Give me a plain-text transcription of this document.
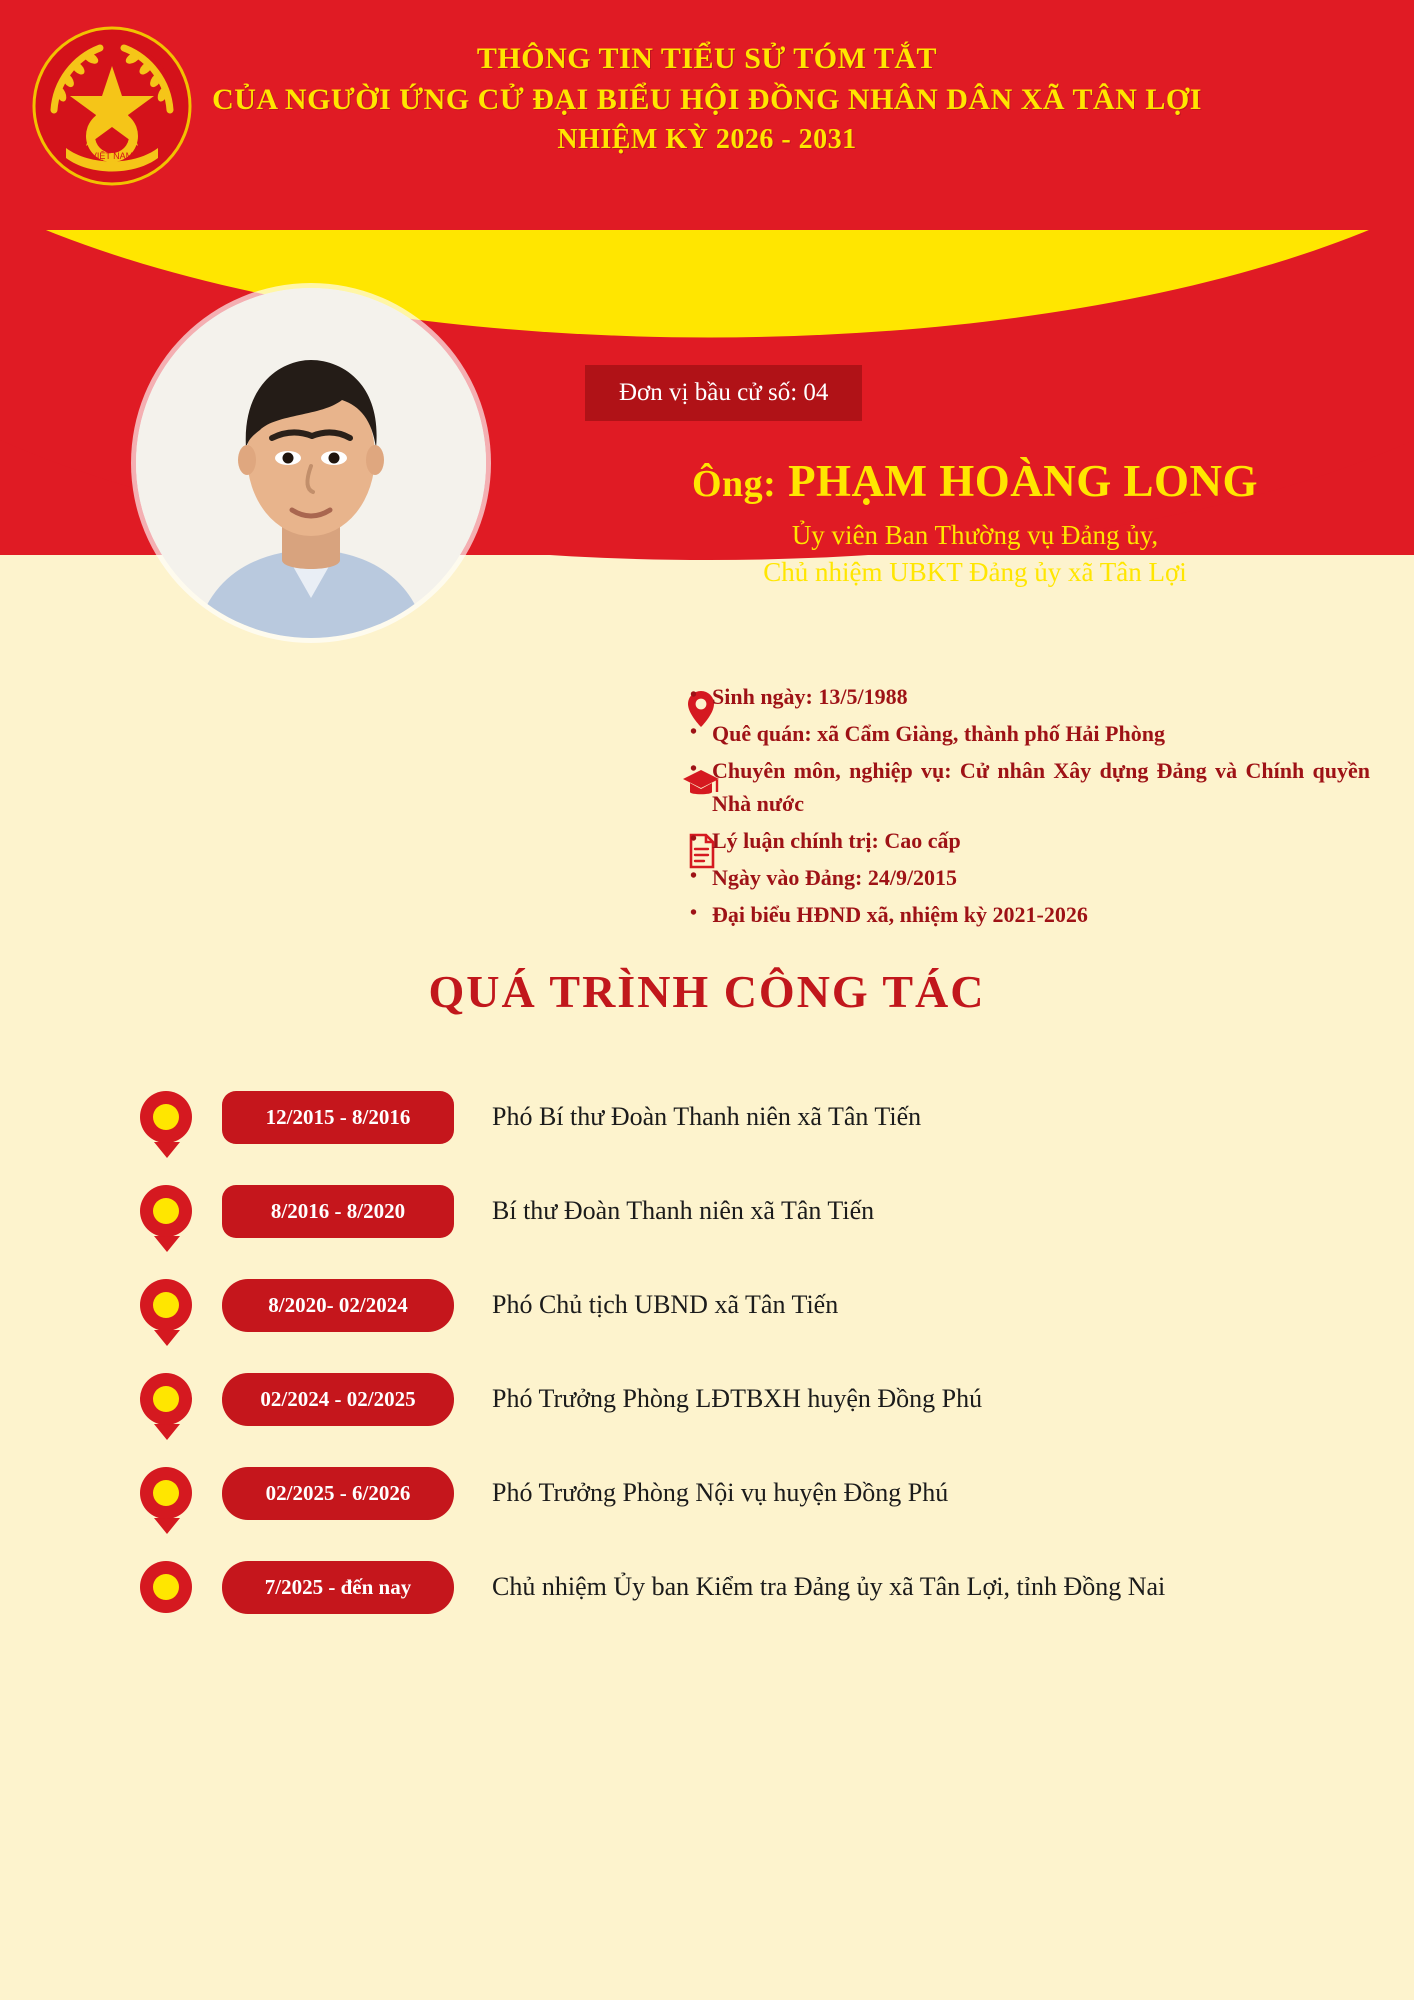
THÔNG TIN TIỂU SỬ TÓM TẮT
CỦA NGƯỜI ỨNG CỬ ĐẠI BIỂU HỘI ĐỒNG NHÂN DÂN XÃ TÂN LỢI
NHIỆM KỲ 2026 - 2031
VIỆT NAM
Đơn vị bầu cử số: 04
Ông: PHẠM HOÀNG LONG
Ủy viên Ban Thường vụ Đảng ủy,
Chủ nhiệm UBKT Đảng ủy xã Tân Lợi
• Sinh ngày: 13/5/1988
• Quê quán: xã Cẩm Giàng, thành phố Hải Phòng
• Chuyên môn, nghiệp vụ: Cử nhân Xây dựng Đảng và Chính quyền Nhà nước
• Lý luận chính trị: Cao cấp
• Ngày vào Đảng: 24/9/2015
• Đại biểu HĐND xã, nhiệm kỳ 2021-2026
QUÁ TRÌNH CÔNG TÁC
12/2015 - 8/2016	Phó Bí thư Đoàn Thanh niên xã Tân Tiến
8/2016 - 8/2020	Bí thư Đoàn Thanh niên xã Tân Tiến
8/2020- 02/2024	Phó Chủ tịch UBND xã Tân Tiến
02/2024 - 02/2025	Phó Trưởng Phòng LĐTBXH huyện Đồng Phú
02/2025 - 6/2026	Phó Trưởng Phòng Nội vụ huyện Đồng Phú
7/2025 - đến nay	Chủ nhiệm Ủy ban Kiểm tra Đảng ủy xã Tân Lợi, tỉnh Đồng Nai
